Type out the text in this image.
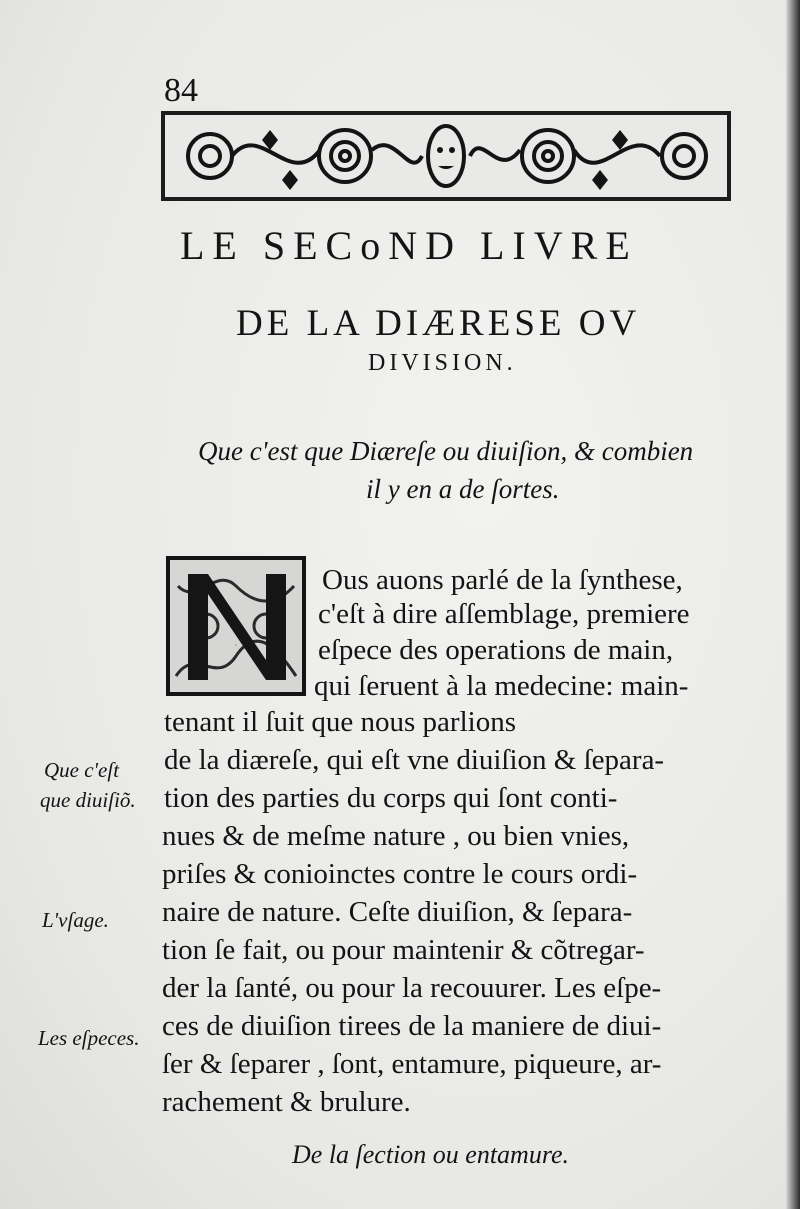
84
LE SECoND LIVRE
DE LA DIÆRESE OV
DIVISION.
Que c'est que Diæreſe ou diuiſion, & combien
il y en a de ſortes.
N
Ous auons parlé de la ſynthese,
c'eſt à dire aſſemblage, premiere
eſpece des operations de main,
qui ſeruent à la medecine: main-
tenant il ſuit que nous parlions
de la diæreſe, qui eſt vne diuiſion & ſepara-
tion des parties du corps qui ſont conti-
nues & de meſme nature , ou bien vnies,
priſes & conioinctes contre le cours ordi-
naire de nature. Ceſte diuiſion, & ſepara-
tion ſe fait, ou pour maintenir & cõtregar-
der la ſanté, ou pour la recouurer. Les eſpe-
ces de diuiſion tirees de la maniere de diui-
ſer & ſeparer , ſont, entamure, piqueure, ar-
rachement & brulure.
Que c'eſt
que diuiſiõ.
L'vſage.
Les eſpeces.
De la ſection ou entamure.
